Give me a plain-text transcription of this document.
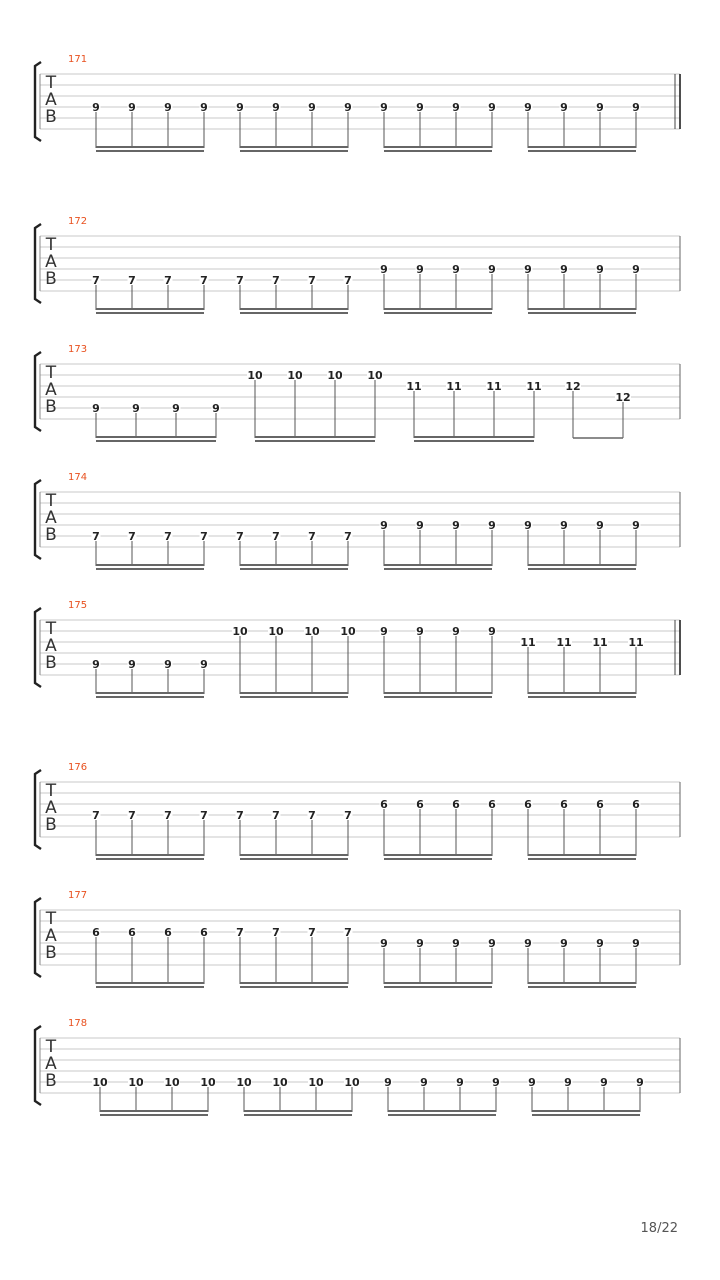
171
T
A
B	9	9	9	9	9	9	9	9	9	9	9	9	9	9	9	9
172
T
A
B	7	7	7	7	7	7	7	7
9	9	9	9	9	9	9	9
173
T
A
B	9	9	9	9
10 10 10 10
11 11 11 11 12
12
174
T
A
B	7	7	7	7	7	7	7	7
9	9	9	9	9	9	9	9
175
T
A
B	9	9	9	9
10 10 10 10 9	9	9	9
11 11 11 11
176
T
A
B	7	7	7	7	7	7	7	7
6	6	6	6	6	6	6	6
177
T
A
B
6	6	6	6	7	7	7	7
9	9	9	9	9	9	9	9
178
T
A
B	10 10 10 10 10 10 10 10 9	9	9	9	9	9	9	9
18/22
